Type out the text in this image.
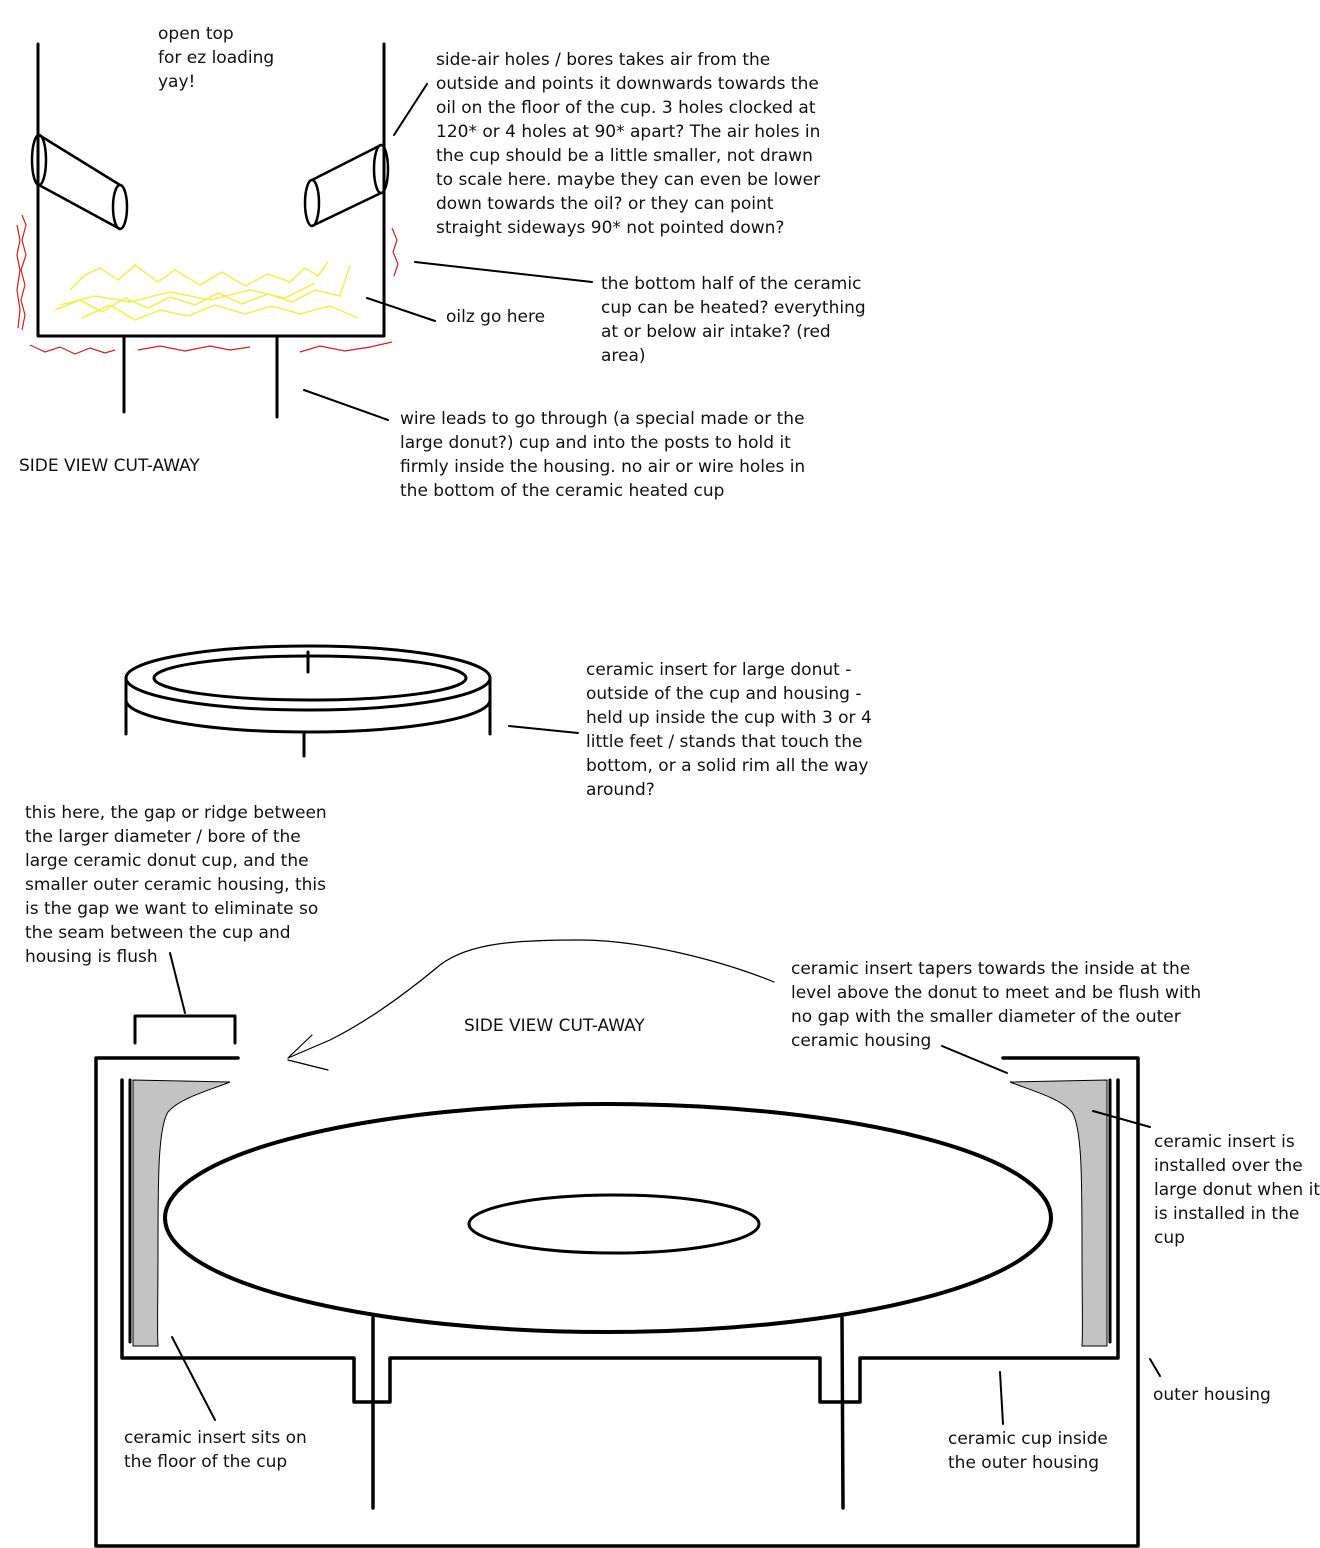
open top
for ez loading
yay!

side-air holes / bores takes air from the
outside and points it downwards towards the
oil on the floor of the cup. 3 holes clocked at
120* or 4 holes at 90* apart? The air holes in
the cup should be a little smaller, not drawn
to scale here. maybe they can even be lower
down towards the oil? or they can point
straight sideways 90* not pointed down?

the bottom half of the ceramic
cup can be heated? everything
at or below air intake? (red
area)

oilz go here

wire leads to go through (a special made or the
large donut?) cup and into the posts to hold it
firmly inside the housing. no air or wire holes in
the bottom of the ceramic heated cup

SIDE VIEW CUT-AWAY

ceramic insert for large donut -
outside of the cup and housing -
held up inside the cup with 3 or 4
little feet / stands that touch the
bottom, or a solid rim all the way
around?

this here, the gap or ridge between
the larger diameter / bore of the
large ceramic donut cup, and the
smaller outer ceramic housing, this
is the gap we want to eliminate so
the seam between the cup and
housing is flush

ceramic insert tapers towards the inside at the
level above the donut to meet and be flush with
no gap with the smaller diameter of the outer
ceramic housing

SIDE VIEW CUT-AWAY

ceramic insert is
installed over the
large donut when it
is installed in the
cup

outer housing

ceramic insert sits on
the floor of the cup

ceramic cup inside
the outer housing
